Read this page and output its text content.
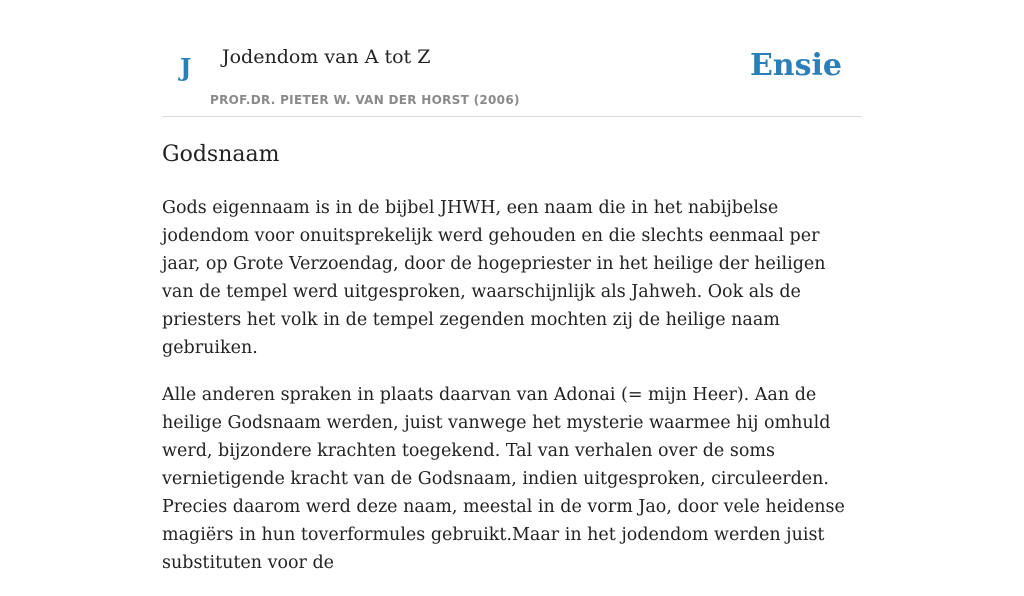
J Jodendom van A tot Z
PROF.DR. PIETER W. VAN DER HORST (2006)
Ensie
Godsnaam

Gods eigennaam is in de bijbel JHWH, een naam die in het nabijbelse jodendom voor onuitsprekelijk werd gehouden en die slechts eenmaal per jaar, op Grote Verzoendag, door de hogepriester in het heilige der heiligen van de tempel werd uitgesproken, waarschijnlijk als Jahweh. Ook als de priesters het volk in de tempel zegenden mochten zij de heilige naam gebruiken.

Alle anderen spraken in plaats daarvan van Adonai (= mijn Heer). Aan de heilige Godsnaam werden, juist vanwege het mysterie waarmee hij omhuld werd, bijzondere krachten toegekend. Tal van verhalen over de soms vernietigende kracht van de Godsnaam, indien uitgesproken, circuleerden. Precies daarom werd deze naam, meestal in de vorm Jao, door vele heidense magiërs in hun toverformules gebruikt.Maar in het jodendom werden juist substituten voor de
